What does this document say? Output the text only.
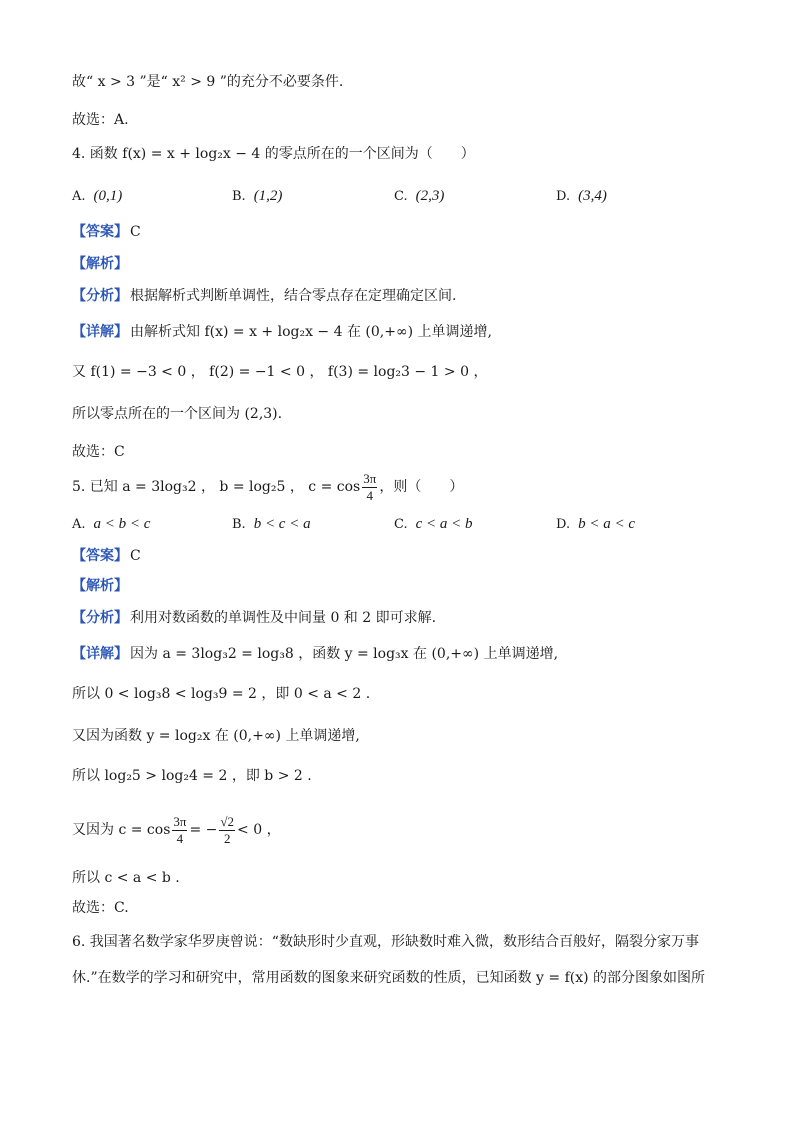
故“ x > 3 ”是“ x² > 9 ”的充分不必要条件.
故选：A.
4. 函数 f(x) = x + log₂x − 4 的零点所在的一个区间为（　　）
A. (0,1)	B. (1,2)	C. (2,3)	D. (3,4)
【答案】 C
【解析】
【分析】 根据解析式判断单调性，结合零点存在定理确定区间.
【详解】 由解析式知 f(x) = x + log₂x − 4 在 (0,+∞) 上单调递增,
又 f(1) = −3 < 0 ， f(2) = −1 < 0 ， f(3) = log₂3 − 1 > 0 ，
所以零点所在的一个区间为 (2,3).
故选：C
5. 已知 a = 3log₃2 ， b = log₂5 ， $c = \cos \frac{3\pi}{4}$ ，则（　　）
A. a < b < c	B. b < c < a	C. c < a < b	D. b < a < c
【答案】 C
【解析】
【分析】 利用对数函数的单调性及中间量 0 和 2 即可求解.
【详解】 因为 a = 3log₃2 = log₃8 ，函数 y = log₃x 在 (0,+∞) 上单调递增,
所以 0 < log₃8 < log₃9 = 2 ，即 0 < a < 2 .
又因为函数 y = log₂x 在 (0,+∞) 上单调递增,
所以 log₂5 > log₂4 = 2 ，即 b > 2 .
又因为 $c = \cos \frac{3\pi}{4}$ = − $\frac{√2}{2} < 0$ ，
所以 c < a < b .
故选：C.
6. 我国著名数学家华罗庚曾说：“数缺形时少直观，形缺数时难入微，数形结合百般好，隔裂分家万事
休.”在数学的学习和研究中，常用函数的图象来研究函数的性质，已知函数 y = f(x) 的部分图象如图所
